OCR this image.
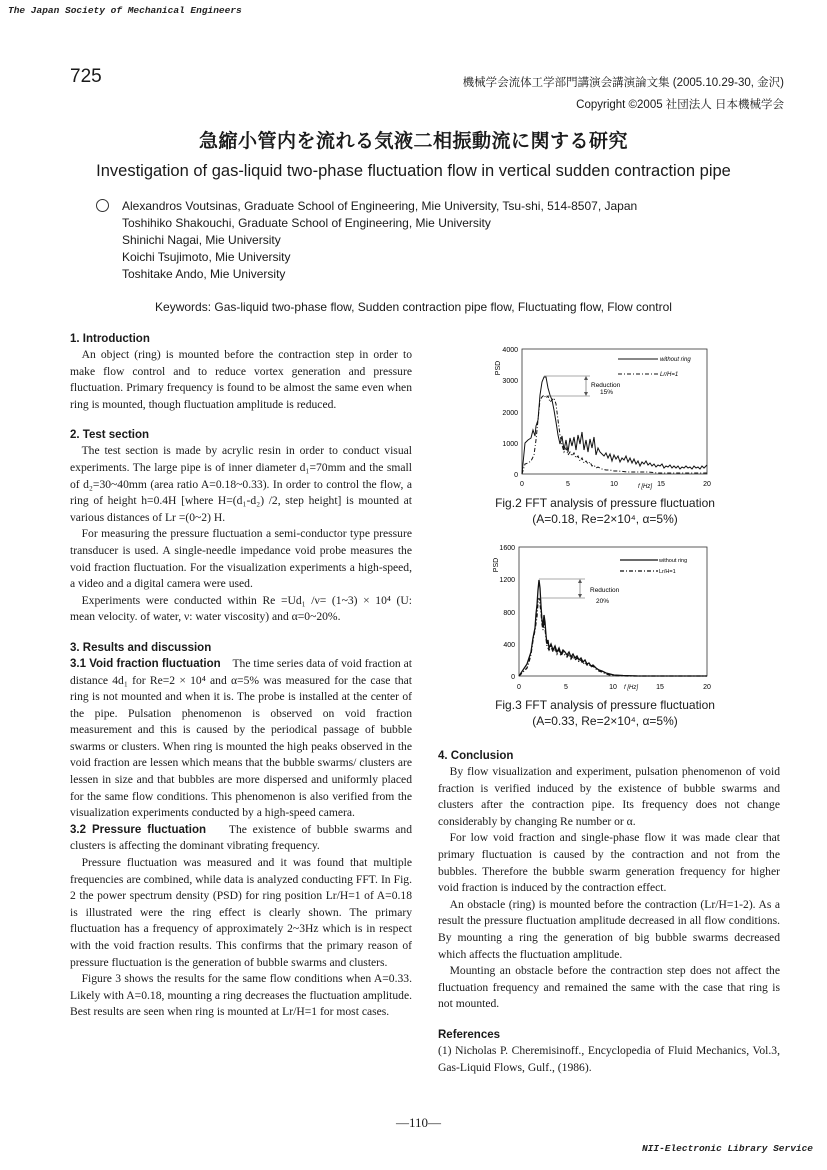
The Japan Society of Mechanical Engineers
725	機械学会流体工学部門講演会講演論文集 (2005.10.29-30, 金沢)
Copyright ©2005 社団法人 日本機械学会
急縮小管内を流れる気液二相振動流に関する研究
Investigation of gas-liquid two-phase fluctuation flow in vertical sudden contraction pipe
Alexandros Voutsinas, Graduate School of Engineering, Mie University, Tsu-shi, 514-8507, Japan
Toshihiko Shakouchi, Graduate School of Engineering, Mie University
Shinichi Nagai, Mie University
Koichi Tsujimoto, Mie University
Toshitake Ando, Mie University
Keywords: Gas-liquid two-phase flow, Sudden contraction pipe flow, Fluctuating flow, Flow control
1. Introduction

An object (ring) is mounted before the contraction step in order to make flow control and to reduce vortex generation and pressure fluctuation. Primary frequency is found to be almost the same even when ring is mounted, though fluctuation amplitude is reduced.

2. Test section

The test section is made by acrylic resin in order to conduct visual experiments. The large pipe is of inner diameter d₁=70mm and the small of d₂=30~40mm (area ratio A=0.18~0.33). In order to control the flow, a ring of height h=0.4H [where H=(d₁-d₂) /2, step height] is mounted at various distances of Lr =(0~2) H.

For measuring the pressure fluctuation a semi-conductor type pressure transducer is used. A single-needle impedance void probe measures the void fraction fluctuation. For the visualization experiments a high-speed, a video and a digital camera were used.

Experiments were conducted within Re =Ud₁ /ν= (1~3) × 10⁴ (U: mean velocity. of water, ν: water viscosity) and α=0~20%.

3. Results and discussion

3.1 Void fraction fluctuation The time series data of void fraction at distance 4d₁ for Re=2 × 10⁴ and α=5% was measured for the case that ring is not mounted and when it is. The probe is installed at the center of the pipe. Pulsation phenomenon is observed on void fraction measurement and this is caused by the periodical passage of bubble swarms or clusters. When ring is mounted the high peaks observed in the void fraction are lessen which means that the bubble swarms/ clusters are lessen in size and that bubbles are more dispersed and uniformly placed for the same flow conditions. This phenomenon is also verified from the visualization experiments conducted by a high-speed camera.

3.2 Pressure fluctuation The existence of bubble swarms and clusters is affecting the dominant vibrating frequency.

Pressure fluctuation was measured and it was found that multiple frequencies are combined, while data is analyzed conducting FFT. In Fig. 2 the power spectrum density (PSD) for ring position Lr/H=1 of A=0.18 is illustrated were the ring effect is clearly shown. The primary fluctuation has a frequency of approximately 2~3Hz which is in respect with the void fraction results. This confirms that the primary reason of pressure fluctuation is the generation of bubble swarms and clusters.

Figure 3 shows the results for the same flow conditions when A=0.33. Likely with A=0.18, mounting a ring decreases the fluctuation amplitude. Best results are seen when ring is mounted at Lr/H=1 for most cases.

4000
3000
2000
1000
0
PSD
0	5	10	15	20
f [Hz]
Reduction
15%
without ring
Lr/H=1
Fig.2 FFT analysis of pressure fluctuation
(A=0.18, Re=2×10⁴, α=5%)
1600
1200
800
400
0
PSD
0	5	10	15	20
f [Hz]
Reduction
20%
without ring
Lr/H=1
Fig.3 FFT analysis of pressure fluctuation
(A=0.33, Re=2×10⁴, α=5%)
4. Conclusion

By flow visualization and experiment, pulsation phenomenon of void fraction is verified induced by the existence of bubble swarms and clusters after the contraction pipe. Its frequency does not change considerably by changing Re number or α.

For low void fraction and single-phase flow it was made clear that primary fluctuation is caused by the contraction and not from the bubbles. Therefore the bubble swarm generation frequency for higher void fraction is induced by the contraction effect.

An obstacle (ring) is mounted before the contraction (Lr/H=1-2). As a result the pressure fluctuation amplitude decreased in all flow conditions. By mounting a ring the generation of big bubble swarms decreased which affects the fluctuation amplitude.

Mounting an obstacle before the contraction step does not affect the fluctuation frequency and remained the same with the case that ring is not mounted.

References

(1) Nicholas P. Cheremisinoff., Encyclopedia of Fluid Mechanics, Vol.3, Gas-Liquid Flows, Gulf., (1986).

—110—
NII-Electronic Library Service
